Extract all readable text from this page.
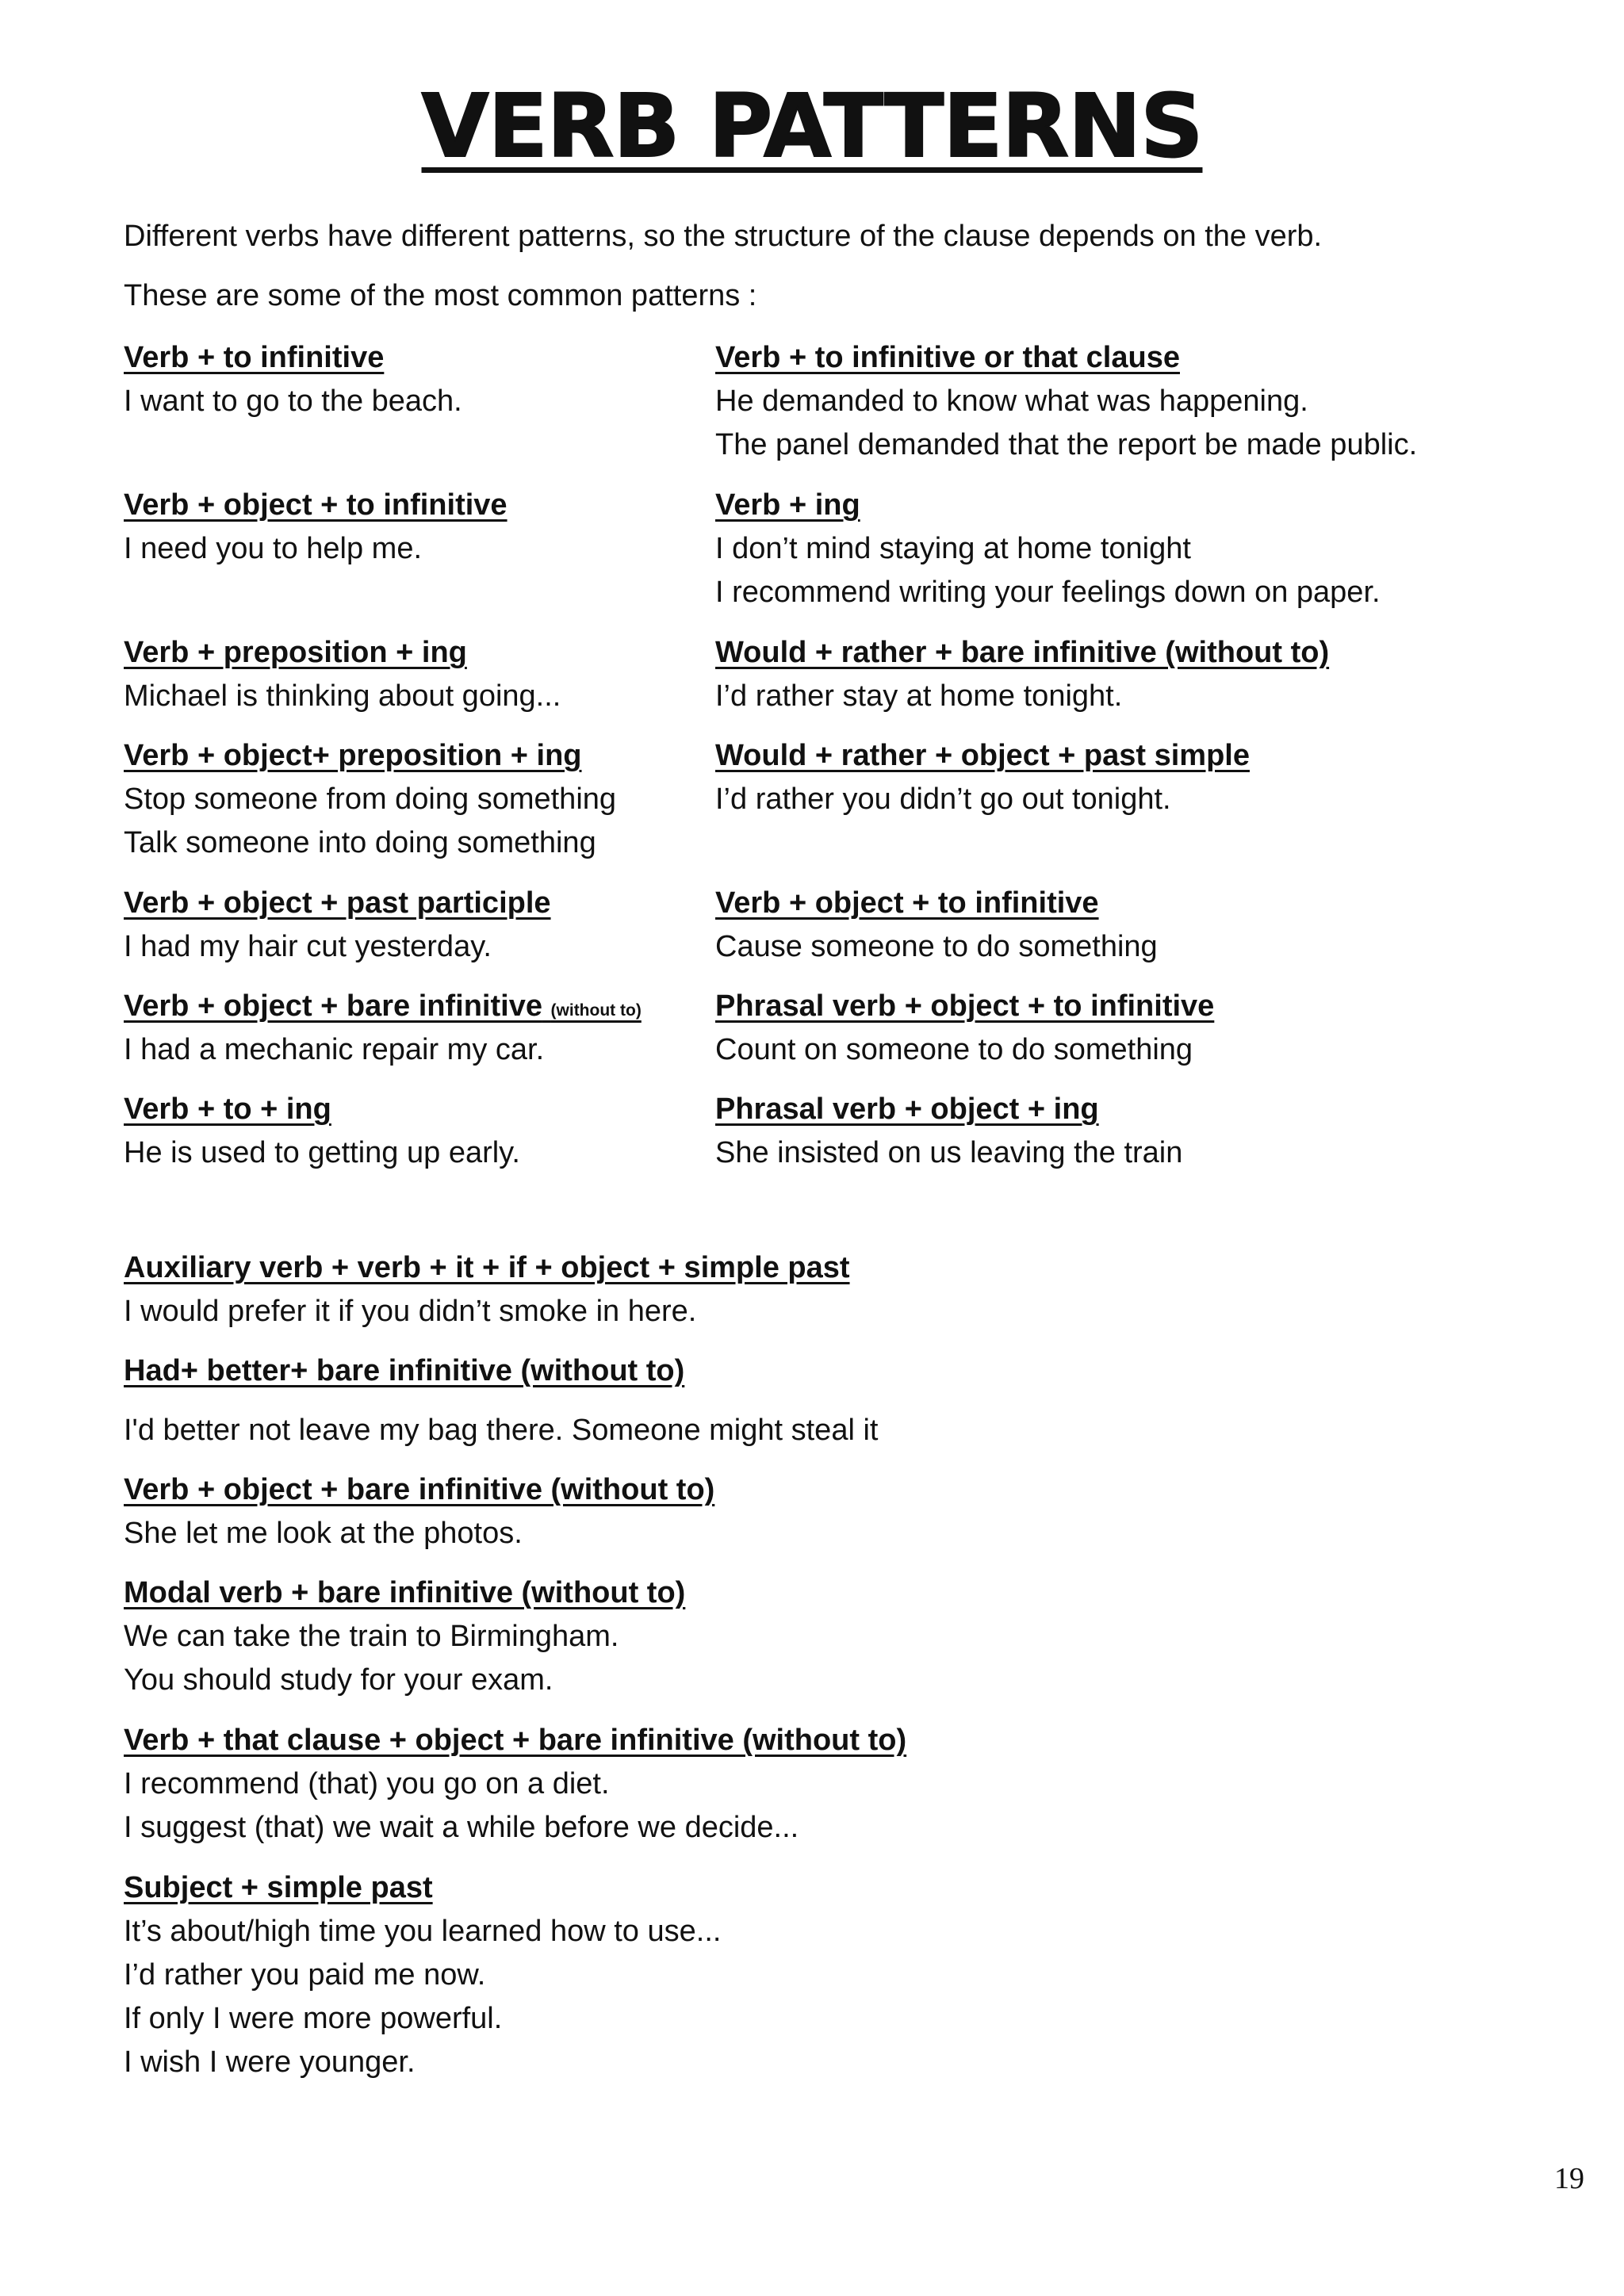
VERB PATTERNS

Different verbs have different patterns, so the structure of the clause depends on the verb.

These are some of the most common patterns :

Verb + to infinitive
I want to go to the beach.
Verb + object + to infinitive
I need you to help me.
Verb + preposition + ing
Michael is thinking about going...
Verb + object+ preposition + ing
Stop someone from doing something
Talk someone into doing something
Verb + object + past participle
I had my hair cut yesterday.
Verb + object + bare infinitive (without to)
I had a mechanic repair my car.
Verb + to + ing
He is used to getting up early.
Verb + to infinitive or that clause
He demanded to know what was happening.
The panel demanded that the report be made public.
Verb + ing
I don’t mind staying at home tonight
I recommend writing your feelings down on paper.
Would + rather + bare infinitive (without to)
I’d rather stay at home tonight.
Would + rather + object + past simple
I’d rather you didn’t go out tonight.
Verb + object + to infinitive
Cause someone to do something
Phrasal verb + object + to infinitive
Count on someone to do something
Phrasal verb + object + ing
She insisted on us leaving the train
Auxiliary verb + verb + it + if + object + simple past
I would prefer it if you didn’t smoke in here.
Had+ better+ bare infinitive (without to)
I'd better not leave my bag there. Someone might steal it
Verb + object + bare infinitive (without to)
She let me look at the photos.
Modal verb + bare infinitive (without to)
We can take the train to Birmingham.
You should study for your exam.
Verb + that clause + object + bare infinitive (without to)
I recommend (that) you go on a diet.
I suggest (that) we wait a while before we decide...
Subject + simple past
It’s about/high time you learned how to use...
I’d rather you paid me now.
If only I were more powerful.
I wish I were younger.
19
